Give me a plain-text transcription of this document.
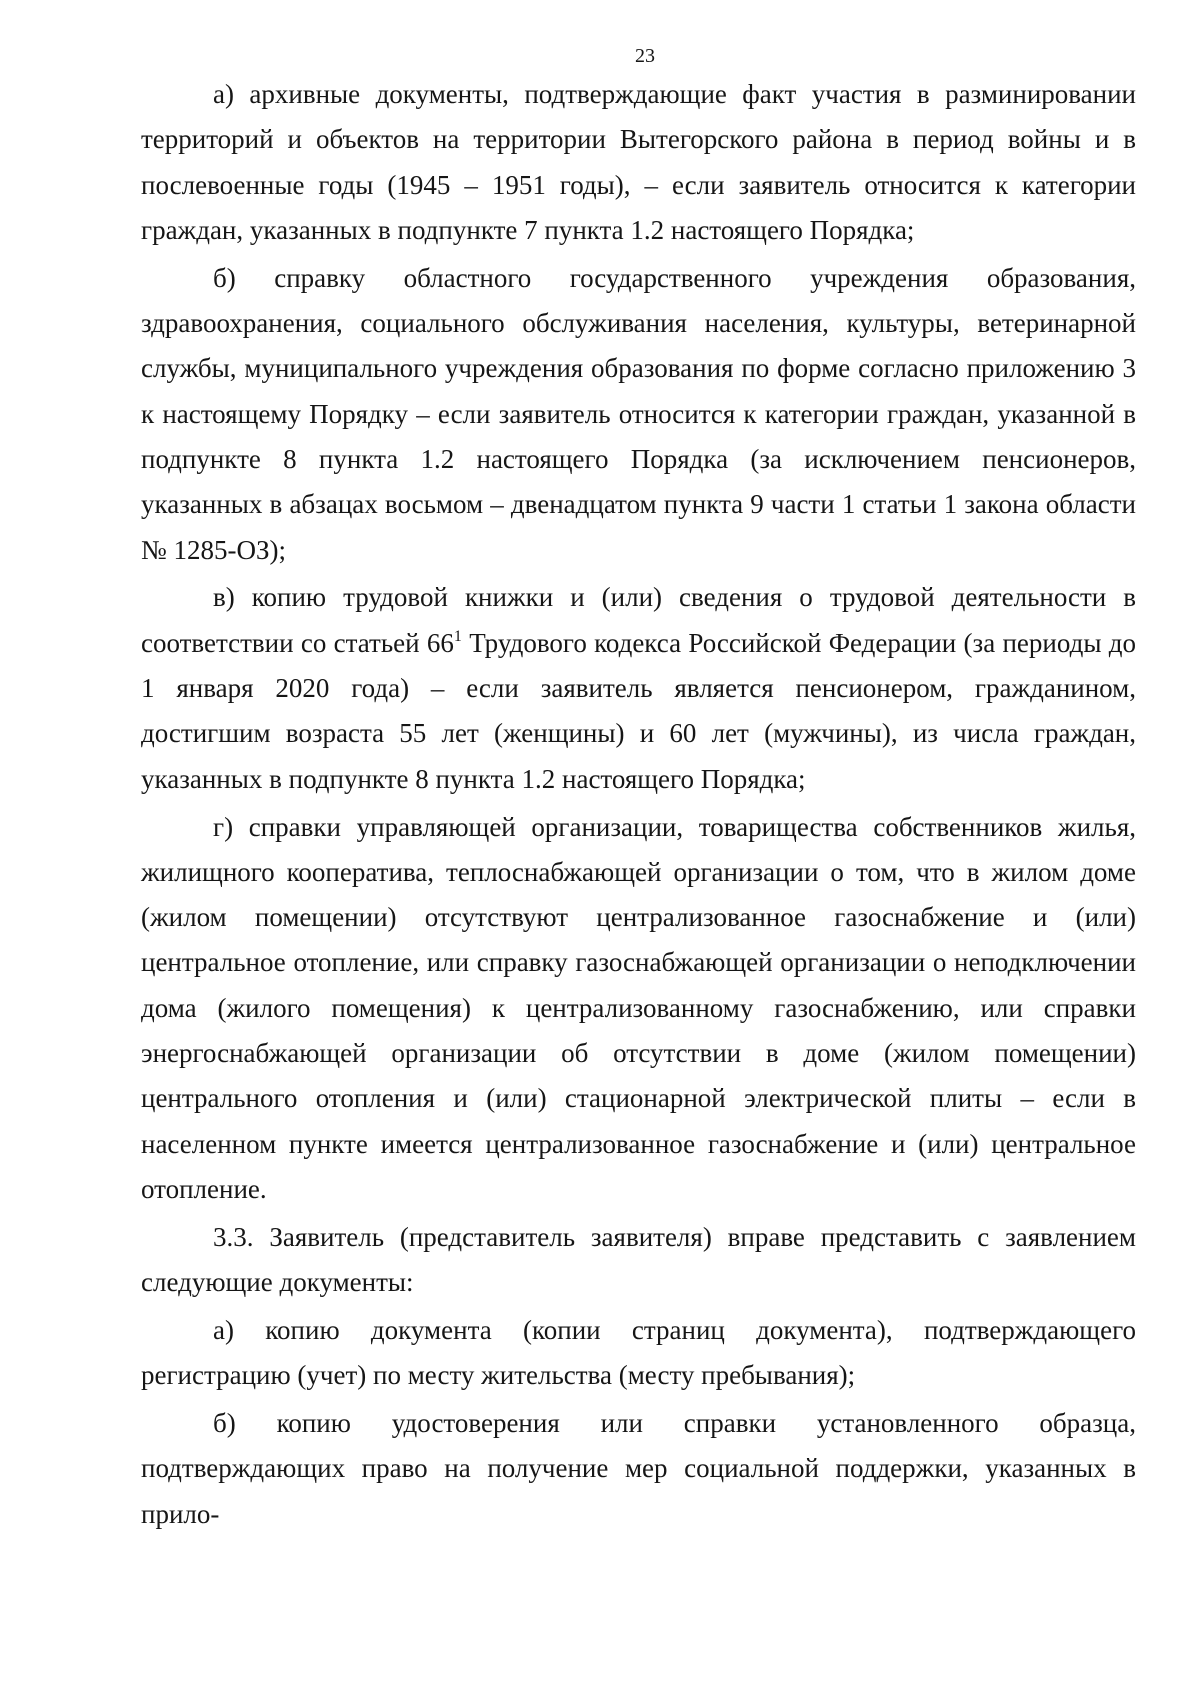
23

а) архивные документы, подтверждающие факт участия в разминировании территорий и объектов на территории Вытегорского района в период войны и в послевоенные годы (1945 – 1951 годы), – если заявитель относится к категории граждан, указанных в подпункте 7 пункта 1.2 настоящего Порядка;

б) справку областного государственного учреждения образования, здравоохранения, социального обслуживания населения, культуры, ветеринарной службы, муниципального учреждения образования по форме согласно приложению 3 к настоящему Порядку – если заявитель относится к категории граждан, указанной в подпункте 8 пункта 1.2 настоящего Порядка (за исключением пенсионеров, указанных в абзацах восьмом – двенадцатом пункта 9 части 1 статьи 1 закона области № 1285-ОЗ);

в) копию трудовой книжки и (или) сведения о трудовой деятельности в соответствии со статьей $66^1$ Трудового кодекса Российской Федерации (за периоды до 1 января 2020 года) – если заявитель является пенсионером, гражданином, достигшим возраста 55 лет (женщины) и 60 лет (мужчины), из числа граждан, указанных в подпункте 8 пункта 1.2 настоящего Порядка;

г) справки управляющей организации, товарищества собственников жилья, жилищного кооператива, теплоснабжающей организации о том, что в жилом доме (жилом помещении) отсутствуют централизованное газоснабжение и (или) центральное отопление, или справку газоснабжающей организации о неподключении дома (жилого помещения) к централизованному газоснабжению, или справки энергоснабжающей организации об отсутствии в доме (жилом помещении) центрального отопления и (или) стационарной электрической плиты – если в населенном пункте имеется централизованное газоснабжение и (или) центральное отопление.

3.3. Заявитель (представитель заявителя) вправе представить с заявлением следующие документы:

а) копию документа (копии страниц документа), подтверждающего регистрацию (учет) по месту жительства (месту пребывания);

б) копию удостоверения или справки установленного образца, подтверждающих право на получение мер социальной поддержки, указанных в прило-
